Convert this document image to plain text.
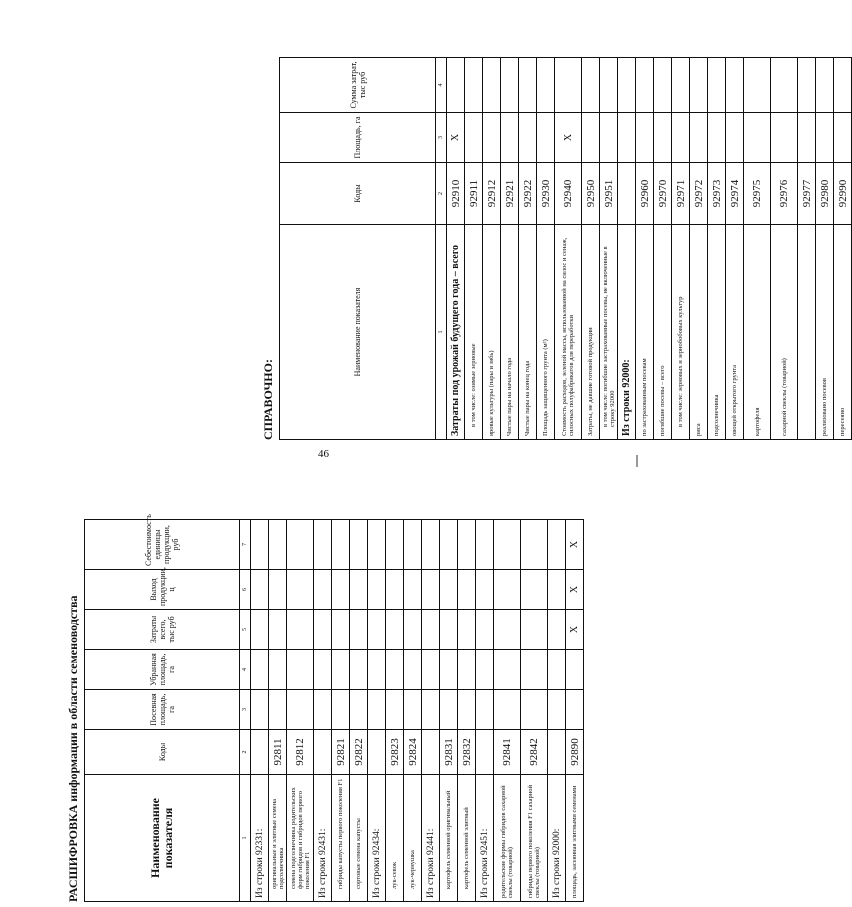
46
РАСШИФРОВКА информации в области семеноводства	Наименование показателя	Коды	Посевная площадь, га	Убранная площадь, га	Затраты всего, тыс руб	Выход продукции, ц	Себестоимость единицы продукции, руб
1	2	3	4	5	6	7
Из строки 92331:						
оригинальные и элитные семена подсолнечника	92811					
семена подсолнечника родительских форм гибридов и гибридов первого поколения F1	92812					
Из строки 92431:						
гибриды капусты первого поколения F1	92821					
сортовые семена капусты	92822					
Из строки 92434:						
лук-севок	92823					
лук-чернушка	92824					
Из строки 92441:						
картофель семенной оригинальный	92831					
картофель семенной элитный	92832					
Из строки 92451:						
родительские формы гибридов сахарной свеклы (товарной)	92841					
гибриды первого поколения F1 сахарной свеклы (товарной)	92842					
Из строки 92000:						
площадь, засеянная элитными семенами	92890			X	X	X
СПРАВОЧНО:
Наименование показателя	Коды	Площадь, га	Сумма затрат, тыс руб
1	2	3	4
Затраты под урожай будущего года – всего	92910	X	
в том числе: озимые зерновые	92911		
яровые культуры (пары и зябь)	92912		
Чистые пары на начало года	92921		
Чистые пары на конец года	92922		
Площадь защищенного грунта (м²)	92930		
Стоимость расходов, зеленой массы, использованной на силос и сенаж, силосных полуфабрикатов для переработки	92940	X	
Затраты, не давшие готовой продукции	92950		
в том числе: погибшие застрахованные посевы, не включенные в строку 92000	92951		
Из строки 92000:			
по застрахованным посевам	92960		
погибшие посевы – всего	92970		
в том числе: зерновых и зернобобовых культур	92971		
риса	92972		
подсолнечника	92973		
овощей открытого грунта	92974		
картофеля	92975		
сахарной свеклы (товарной)	92976		
	92977		
реализовано посевов	92980		
пересеяно	92990		
